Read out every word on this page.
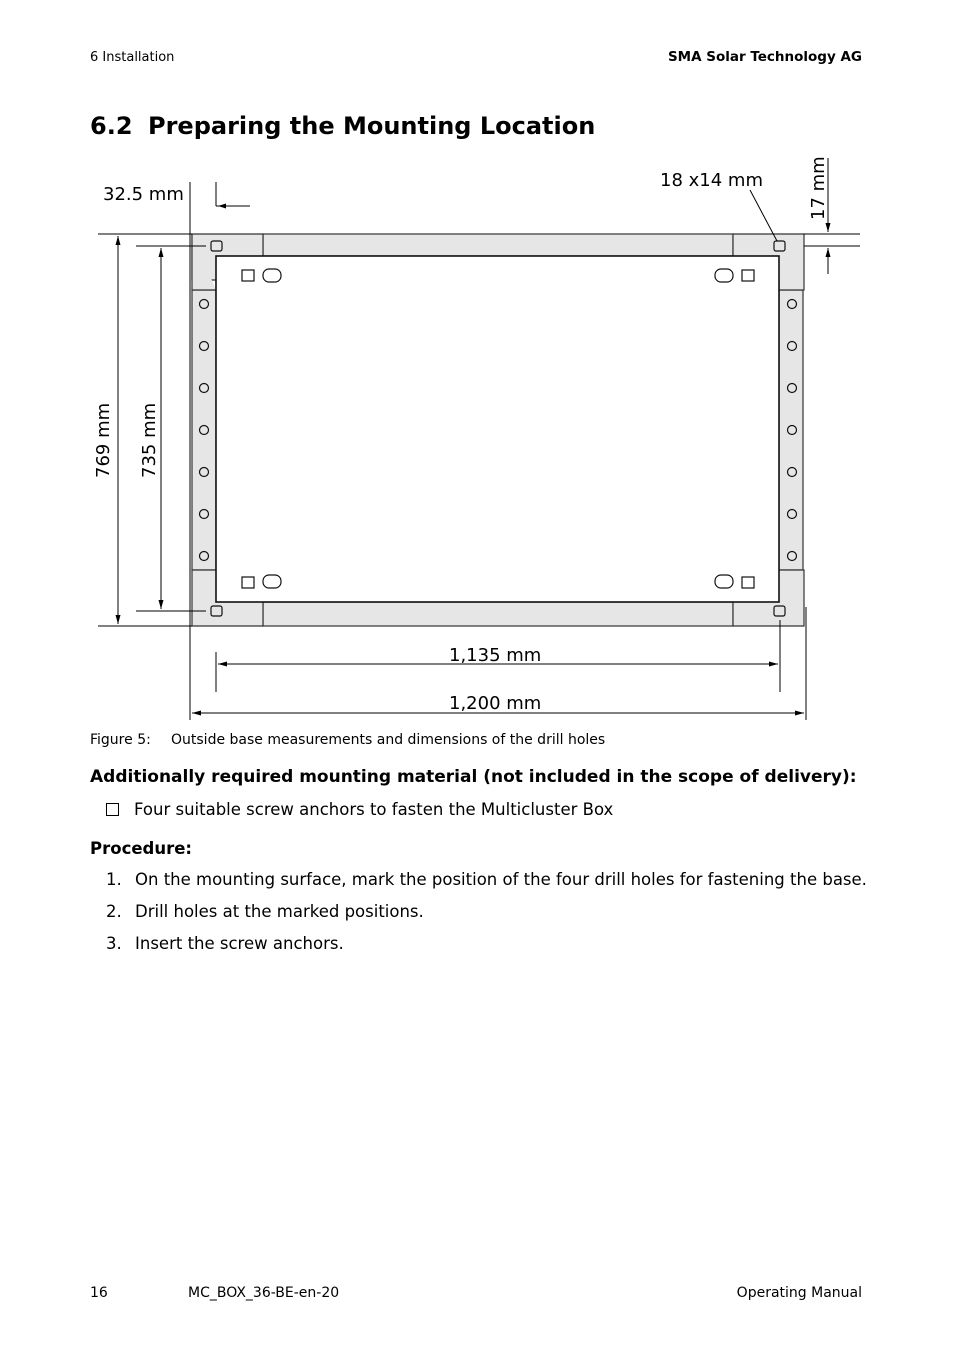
6 Installation	SMA Solar Technology AG
6.2 Preparing the Mounting Location
32.5 mm
18 x14 mm	17 mm
1,135 mm
1,200 mm
769 mm 735 mm
Figure 5: Outside base measurements and dimensions of the drill holes
Additionally required mounting material (not included in the scope of delivery):
Four suitable screw anchors to fasten the Multicluster Box
Procedure:
1. On the mounting surface, mark the position of the four drill holes for fastening the base.
2. Drill holes at the marked positions.
3. Insert the screw anchors.
16	MC_BOX_36-BE-en-20	Operating Manual
